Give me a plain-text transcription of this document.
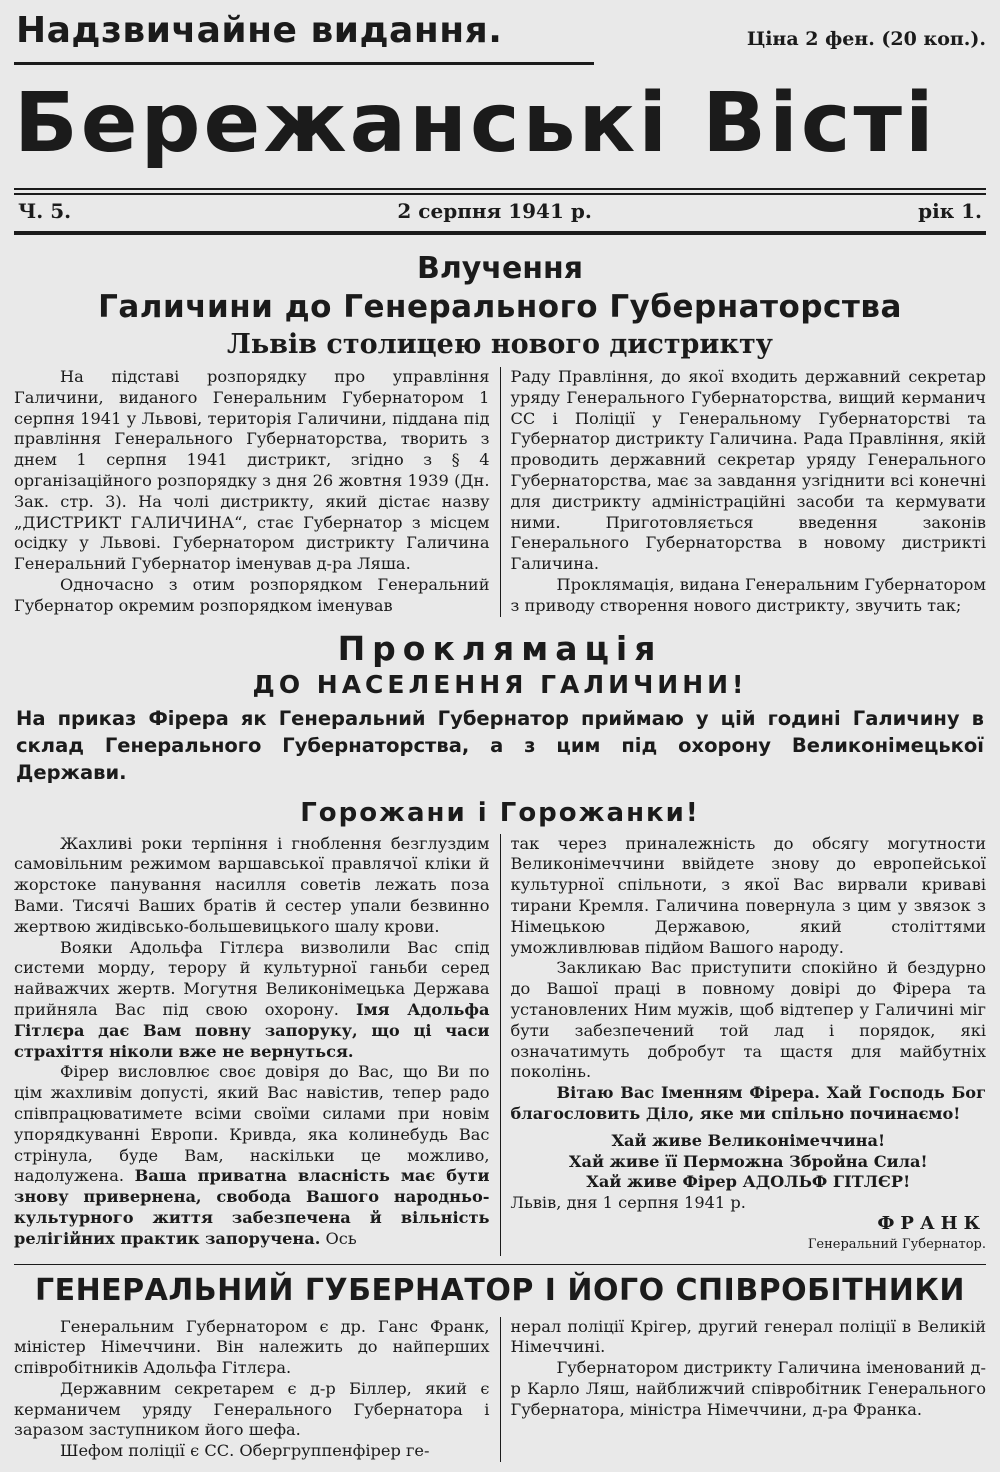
Надзвичайне видання.	Ціна 2 фен. (20 коп.).
Бережанські Вісті
Ч. 5.	2 серпня 1941 р.	рік 1.
Влучення
Галичини до Генерального Губернаторства
Львів столицею нового дистрикту

На підставі розпорядку про управління Галичини, виданого Генеральним Губернатором 1 серпня 1941 у Львові, територія Галичини, піддана під правління Генерального Губернаторства, творить з днем 1 серпня 1941 дистрикт, згідно з § 4 організаційного розпорядку з дня 26 жовтня 1939 (Дн. Зак. стр. 3). На чолі дистрикту, який дістає назву „ДИСТРИКТ ГАЛИЧИНА“, стає Губернатор з місцем осідку у Львові. Губернатором дистрикту Галичина Генеральний Губернатор іменував д-ра Ляша.

Одночасно з отим розпорядком Генеральний Губернатор окремим розпорядком іменував

Раду Правління, до якої входить державний секретар уряду Генерального Губернаторства, вищий керманич СС і Поліції у Генеральному Губернаторстві та Губернатор дистрикту Галичина. Рада Правління, якій проводить державний секретар уряду Генерального Губернаторства, має за завдання узгіднити всі конечні для дистрикту адміністраційні засоби та кермувати ними. Приготовляється введення законів Генерального Губернаторства в новому дистрикті Галичина.

Проклямація, видана Генеральним Губернатором з приводу створення нового дистрикту, звучить так;

Проклямація
ДО НАСЕЛЕННЯ ГАЛИЧИНИ!

На приказ Фірера як Генеральний Губернатор приймаю у цій годині Галичину в склад Генерального Губернаторства, а з цим під охорону Великонімецької Держави.

Горожани і Горожанки!

Жахливі роки терпіння і гноблення безглуздим самовільним режимом варшавської правлячої кліки й жорстоке панування насилля советів лежать поза Вами. Тисячі Ваших братів й сестер упали безвинно жертвою жидівсько-большевицького шалу крови.

Вояки Адольфа Гітлєра визволили Вас спід системи морду, терору й культурної ганьби серед найважчих жертв. Могутня Великонімецька Держава прийняла Вас під свою охорону. Імя Адольфа Гітлєра дає Вам повну запоруку, що ці часи страхіття ніколи вже не вернуться.

Фірер висловлює своє довіря до Вас, що Ви по цім жахливім допусті, який Вас навістив, тепер радо співпрацюватимете всіми своїми силами при новім упорядкуванні Европи. Кривда, яка колинебудь Вас стрінула, буде Вам, наскільки це можливо, надолужена. Ваша приватна власність має бути знову привернена, свобода Вашого народньо-культурного життя забезпечена й вільність релігійних практик запоручена. Ось

так через приналежність до обсягу могутности Великонімеччини ввійдете знову до европейської культурної спільноти, з якої Вас вирвали криваві тирани Кремля. Галичина повернула з цим у звязок з Німецькою Державою, який століттями уможливлював підйом Вашого народу.

Закликаю Вас приступити спокійно й бездурно до Вашої праці в повному довірі до Фірера та установлених Ним мужів, щоб відтепер у Галичині міг бути забезпечений той лад і порядок, які означатимуть добробут та щастя для майбутніх поколінь.

Вітаю Вас Іменням Фірера. Хай Господь Бог благословить Діло, яке ми спільно починаємо!

Хай живе Великонімеччина!

Хай живе її Перможна Збройна Сила!

Хай живе Фірер АДОЛЬФ ГІТЛЄР!

Львів, дня 1 серпня 1941 р.

ФРАНК

Генеральний Губернатор.

ГЕНЕРАЛЬНИЙ ГУБЕРНАТОР І ЙОГО СПІВРОБІТНИКИ

Генеральним Губернатором є др. Ганс Франк, міністер Німеччини. Він належить до найперших співробітників Адольфа Гітлєра.

Державним секретарем є д-р Біллер, який є керманичем уряду Генерального Губернатора і заразом заступником його шефа.

Шефом поліції є СС. Обергруппенфірер ге-

нерал поліції Крігер, другий генерал поліції в Великій Німеччині.

Губернатором дистрикту Галичина іменований д-р Карло Ляш, найближчий співробітник Генерального Губернатора, міністра Німеччини, д-ра Франка.
